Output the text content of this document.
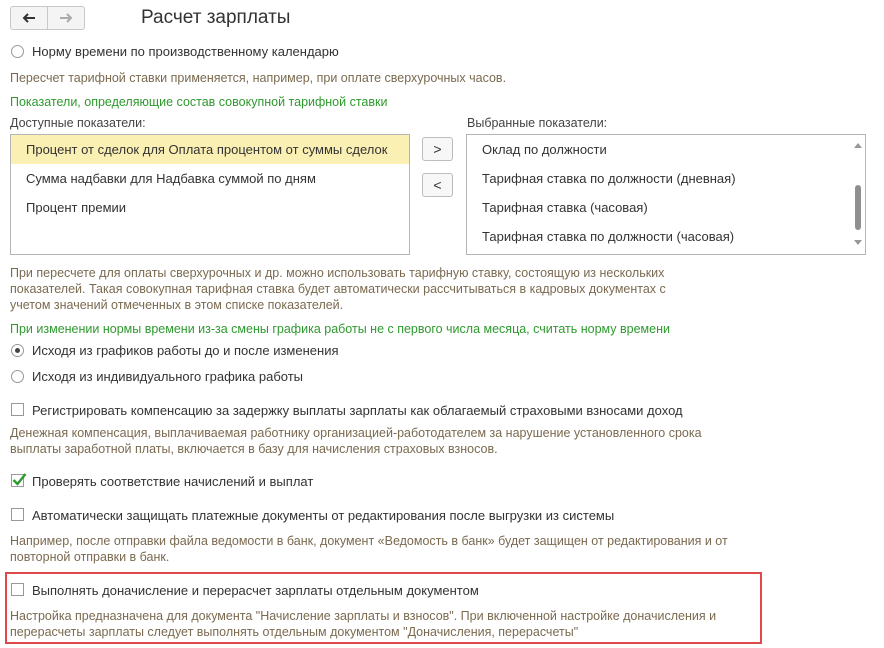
Расчет зарплаты
Норму времени по производственному календарю
Пересчет тарифной ставки применяется, например, при оплате сверхурочных часов.
Показатели, определяющие состав совокупной тарифной ставки
Доступные показатели:	Выбранные показатели:
Процент от сделок для Оплата процентом от суммы сделок
Сумма надбавки для Надбавка суммой по дням
Процент премии
>
<
Оклад по должности
Тарифная ставка по должности (дневная)
Тарифная ставка (часовая)
Тарифная ставка по должности (часовая)
При пересчете для оплаты сверхурочных и др. можно использовать тарифную ставку, состоящую из нескольких
показателей. Такая совокупная тарифная ставка будет автоматически рассчитываться в кадровых документах с
учетом значений отмеченных в этом списке показателей.
При изменении нормы времени из-за смены графика работы не с первого числа месяца, считать норму времени
Исходя из графиков работы до и после изменения
Исходя из индивидуального графика работы
Регистрировать компенсацию за задержку выплаты зарплаты как облагаемый страховыми взносами доход
Денежная компенсация, выплачиваемая работнику организацией-работодателем за нарушение установленного срока
выплаты заработной платы, включается в базу для начисления страховых взносов.
Проверять соответствие начислений и выплат
Автоматически защищать платежные документы от редактирования после выгрузки из системы
Например, после отправки файла ведомости в банк, документ «Ведомость в банк» будет защищен от редактирования и от
повторной отправки в банк.
Выполнять доначисление и перерасчет зарплаты отдельным документом
Настройка предназначена для документа "Начисление зарплаты и взносов". При включенной настройке доначисления и
перерасчеты зарплаты следует выполнять отдельным документом "Доначисления, перерасчеты"
